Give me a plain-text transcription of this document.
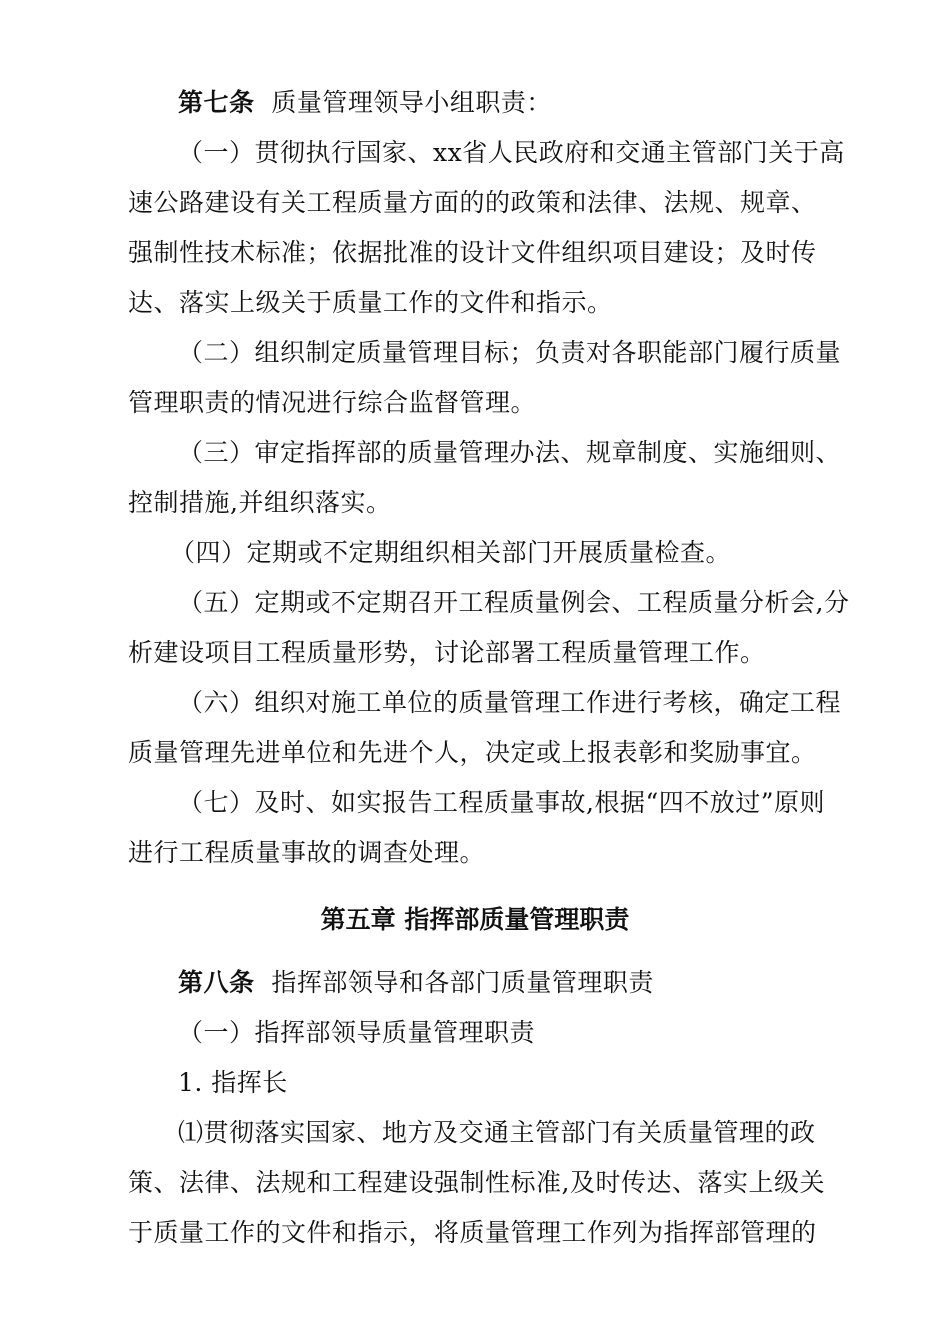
第七条 质量管理领导小组职责：
（一）贯彻执行国家、xx省人民政府和交通主管部门关于高
速公路建设有关工程质量方面的的政策和法律、法规、规章、
强制性技术标准；依据批准的设计文件组织项目建设；及时传
达、落实上级关于质量工作的文件和指示。
（二）组织制定质量管理目标；负责对各职能部门履行质量
管理职责的情况进行综合监督管理。
（三）审定指挥部的质量管理办法、规章制度、实施细则、
控制措施,并组织落实。
（四）定期或不定期组织相关部门开展质量检查。
（五）定期或不定期召开工程质量例会、工程质量分析会,分
析建设项目工程质量形势，讨论部署工程质量管理工作。
（六）组织对施工单位的质量管理工作进行考核，确定工程
质量管理先进单位和先进个人，决定或上报表彰和奖励事宜。
（七）及时、如实报告工程质量事故,根据“四不放过”原则
进行工程质量事故的调查处理。
第五章 指挥部质量管理职责
第八条 指挥部领导和各部门质量管理职责
（一）指挥部领导质量管理职责
1. 指挥长
⑴贯彻落实国家、地方及交通主管部门有关质量管理的政
策、法律、法规和工程建设强制性标准,及时传达、落实上级关
于质量工作的文件和指示，将质量管理工作列为指挥部管理的
